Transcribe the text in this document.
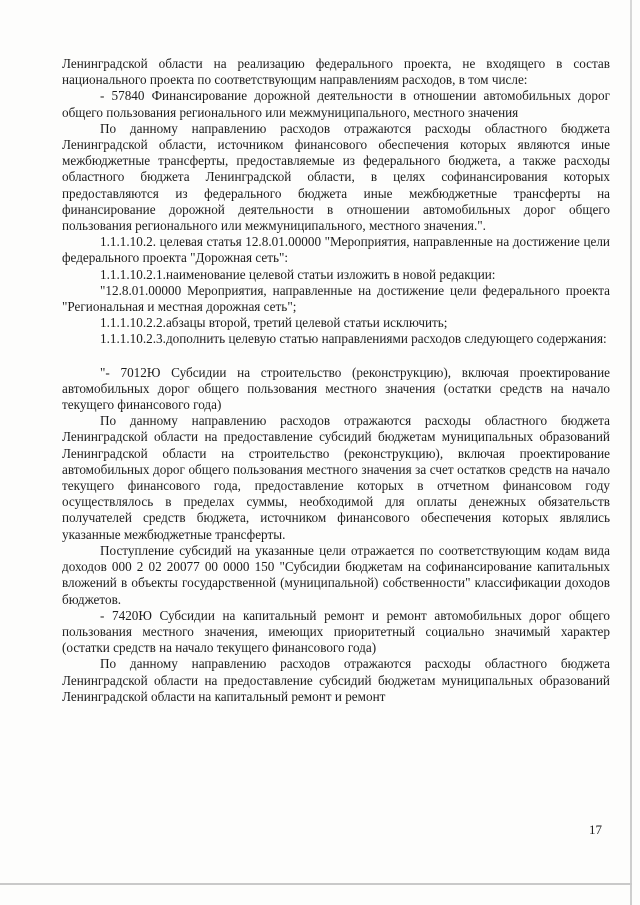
Ленинградской области на реализацию федерального проекта, не входящего в состав национального проекта по соответствующим направлениям расходов, в том числе:

- 57840 Финансирование дорожной деятельности в отношении автомобильных дорог общего пользования регионального или межмуниципального, местного значения

По данному направлению расходов отражаются расходы областного бюджета Ленинградской области, источником финансового обеспечения которых являются иные межбюджетные трансферты, предоставляемые из федерального бюджета, а также расходы областного бюджета Ленинградской области, в целях софинансирования которых предоставляются из федерального бюджета иные межбюджетные трансферты на финансирование дорожной деятельности в отношении автомобильных дорог общего пользования регионального или межмуниципального, местного значения.".

1.1.1.10.2. целевая статья 12.8.01.00000 "Мероприятия, направленные на достижение цели федерального проекта "Дорожная сеть":

1.1.1.10.2.1.наименование целевой статьи изложить в новой редакции:

"12.8.01.00000 Мероприятия, направленные на достижение цели федерального проекта "Региональная и местная дорожная сеть";

1.1.1.10.2.2.абзацы второй, третий целевой статьи исключить;

1.1.1.10.2.3.дополнить целевую статью направлениями расходов следующего содержания:

"- 7012Ю Субсидии на строительство (реконструкцию), включая проектирование автомобильных дорог общего пользования местного значения (остатки средств на начало текущего финансового года)

По данному направлению расходов отражаются расходы областного бюджета Ленинградской области на предоставление субсидий бюджетам муниципальных образований Ленинградской области на строительство (реконструкцию), включая проектирование автомобильных дорог общего пользования местного значения за счет остатков средств на начало текущего финансового года, предоставление которых в отчетном финансовом году осуществлялось в пределах суммы, необходимой для оплаты денежных обязательств получателей средств бюджета, источником финансового обеспечения которых являлись указанные межбюджетные трансферты.

Поступление субсидий на указанные цели отражается по соответствующим кодам вида доходов 000 2 02 20077 00 0000 150 "Субсидии бюджетам на софинансирование капитальных вложений в объекты государственной (муниципальной) собственности" классификации доходов бюджетов.

- 7420Ю Субсидии на капитальный ремонт и ремонт автомобильных дорог общего пользования местного значения, имеющих приоритетный социально значимый характер (остатки средств на начало текущего финансового года)

По данному направлению расходов отражаются расходы областного бюджета Ленинградской области на предоставление субсидий бюджетам муниципальных образований Ленинградской области на капитальный ремонт и ремонт

17
